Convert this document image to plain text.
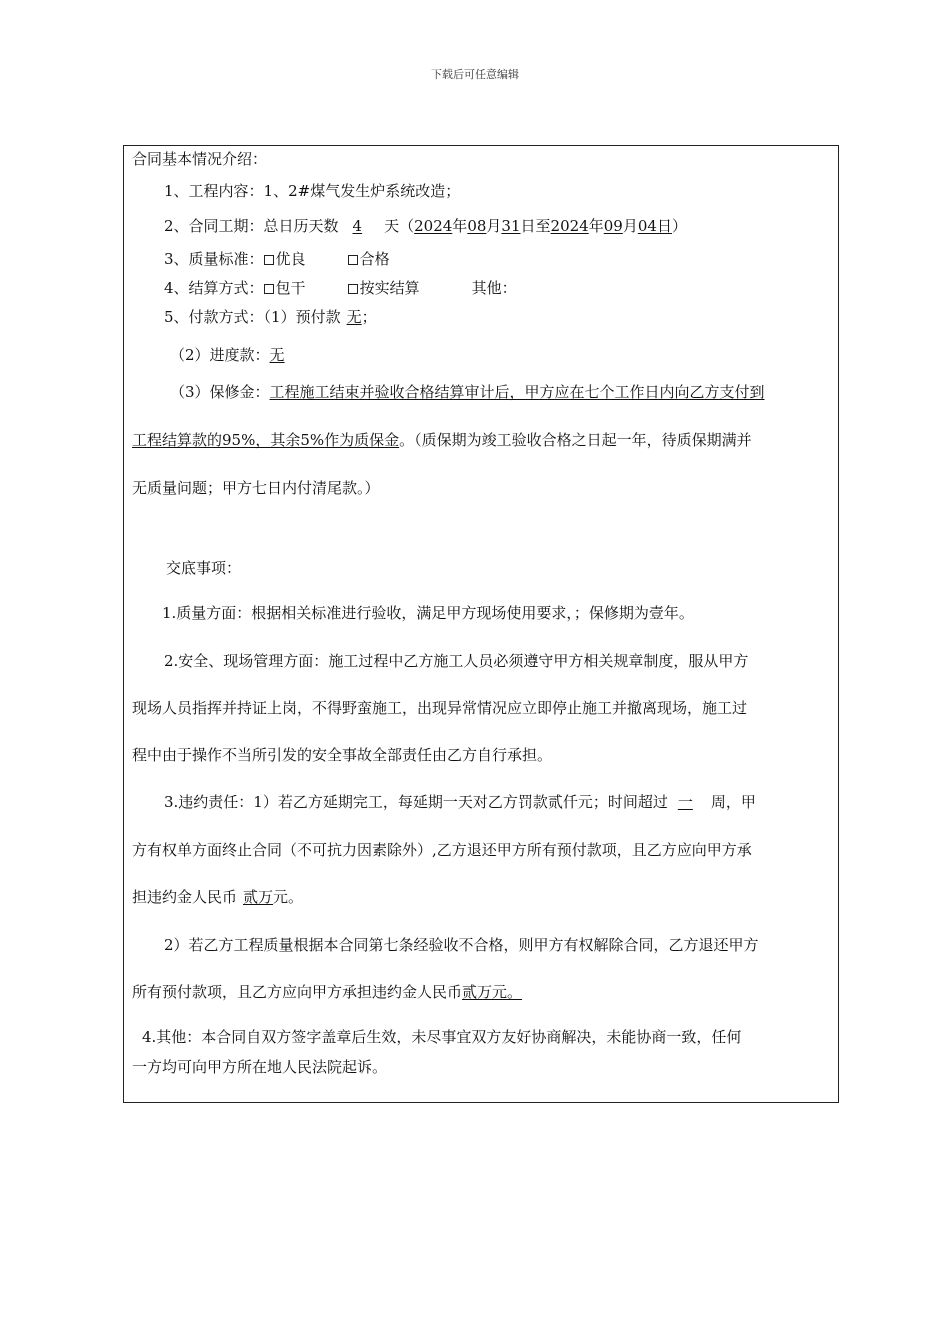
下载后可任意编辑
合同基本情况介绍：
1、工程内容：1、2#煤气发生炉系统改造；
2、合同工期：总日历天数 4 天（2024年08月31日至2024年09月04日）
3、质量标准： 优良	合格
4、结算方式： 包干	按实结算	其他：
5、付款方式：（1）预付款 无；
（2）进度款：无
（3）保修金：工程施工结束并验收合格结算审计后，甲方应在七个工作日内向乙方支付到
工程结算款的95%，其余5%作为质保金。（质保期为竣工验收合格之日起一年，待质保期满并
无质量问题；甲方七日内付清尾款。）
交底事项：
1.质量方面：根据相关标准进行验收，满足甲方现场使用要求，；保修期为壹年。
2.安全、现场管理方面：施工过程中乙方施工人员必须遵守甲方相关规章制度，服从甲方
现场人员指挥并持证上岗，不得野蛮施工，出现异常情况应立即停止施工并撤离现场，施工过
程中由于操作不当所引发的安全事故全部责任由乙方自行承担。
3.违约责任：1）若乙方延期完工，每延期一天对乙方罚款贰仟元；时间超过 一 周，甲
方有权单方面终止合同（不可抗力因素除外）,乙方退还甲方所有预付款项，且乙方应向甲方承
担违约金人民币 贰万元。
2）若乙方工程质量根据本合同第七条经验收不合格，则甲方有权解除合同，乙方退还甲方
所有预付款项，且乙方应向甲方承担违约金人民币贰万元。
4.其他：本合同自双方签字盖章后生效，未尽事宜双方友好协商解决，未能协商一致，任何
一方均可向甲方所在地人民法院起诉。
